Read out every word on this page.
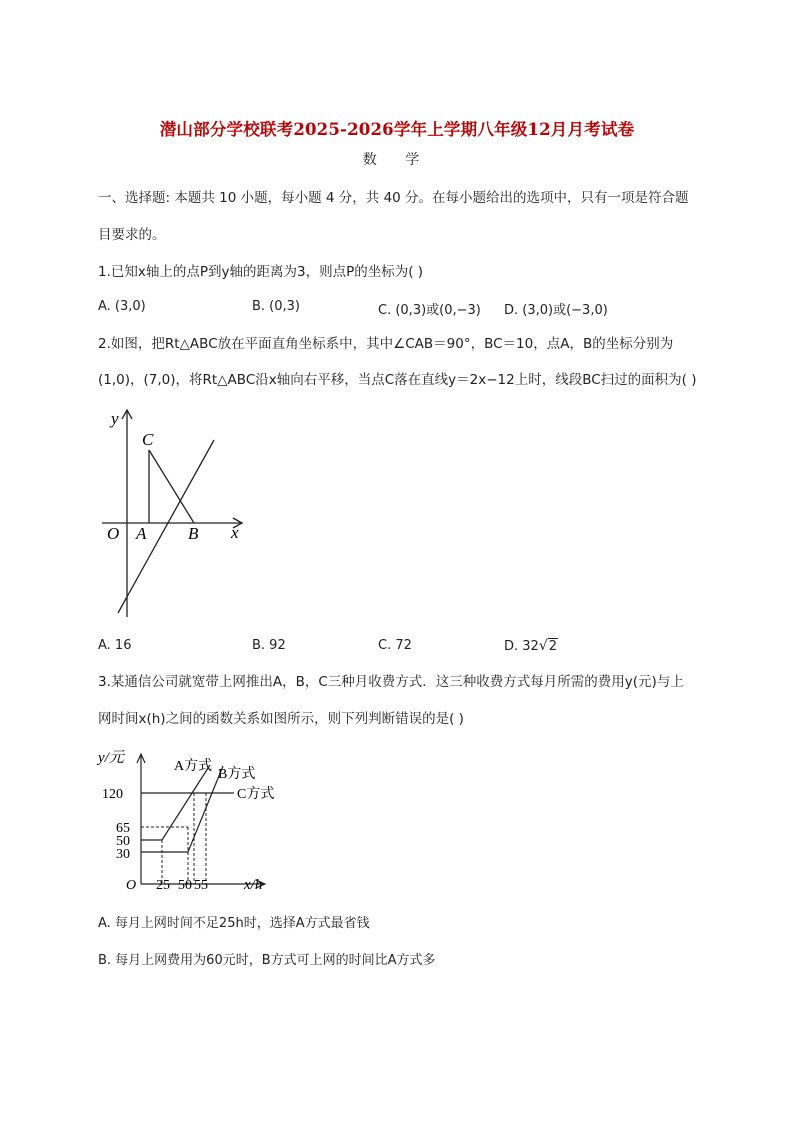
潜山部分学校联考2025-2026学年上学期八年级12月月考试卷
数 学
一、选择题: 本题共 10 小题，每小题 4 分，共 40 分。在每小题给出的选项中，只有一项是符合题
目要求的。
1.已知x轴上的点P到y轴的距离为3，则点P的坐标为( )
A. (3,0)	B. (0,3)	C. (0,3)或(0,−3) D. (3,0)或(−3,0)
2.如图，把Rt△ABC放在平面直角坐标系中，其中∠CAB＝90°，BC＝10，点A，B的坐标分别为
(1,0)，(7,0)，将Rt△ABC沿x轴向右平移，当点C落在直线y＝2x−12上时，线段BC扫过的面积为( )
y
x
O A B
C
A. 16	B. 92	C. 72	D. 32√2
3.某通信公司就宽带上网推出A，B，C三种月收费方式．这三种收费方式每月所需的费用y(元)与上
网时间x(h)之间的函数关系如图所示，则下列判断错误的是( )
y/元
120
65
50
30
O 25 50 55 x/h
A方式
B方式
C方式
A. 每月上网时间不足25h时，选择A方式最省钱
B. 每月上网费用为60元时，B方式可上网的时间比A方式多
